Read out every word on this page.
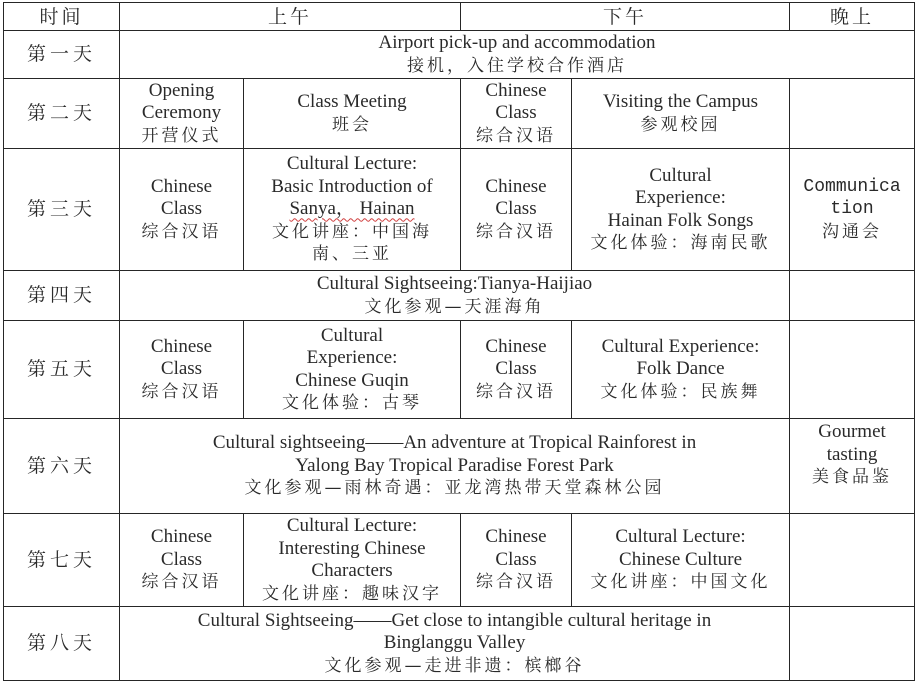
时间	上午		下午		晚上
第一天	Airport pick-up and accommodation
接机，入住学校合作酒店				

第二天	Opening
Ceremony
开营仪式	Class Meeting
班会	Chinese
Class
综合汉语	Visiting the Campus
参观校园	

第三天	Chinese
Class
综合汉语	Cultural Lecture:
Basic Introduction of
Sanya， Hainan
文化讲座：中国海
南、三亚	Chinese
Class
综合汉语	Cultural
Experience:
Hainan Folk Songs
文化体验：海南民歌	Communica
tion
沟通会

第四天	Cultural Sightseeing:Tianya-Haijiao
文化参观—天涯海角				

第五天	Chinese
Class
综合汉语	Cultural
Experience:
Chinese Guqin
文化体验：古琴	Chinese
Class
综合汉语	Cultural Experience:
Folk Dance
文化体验：民族舞	

第六天	Cultural sightseeing——An adventure at Tropical Rainforest in
Yalong Bay Tropical Paradise Forest Park
文化参观—雨林奇遇：亚龙湾热带天堂森林公园				Gourmet
tasting
美食品鉴

第七天	Chinese
Class
综合汉语	Cultural Lecture:
Interesting Chinese
Characters
文化讲座：趣味汉字	Chinese
Class
综合汉语	Cultural Lecture:
Chinese Culture
文化讲座：中国文化	

第八天	Cultural Sightseeing——Get close to intangible cultural heritage in
Binglanggu Valley
文化参观—走进非遗：槟榔谷				
